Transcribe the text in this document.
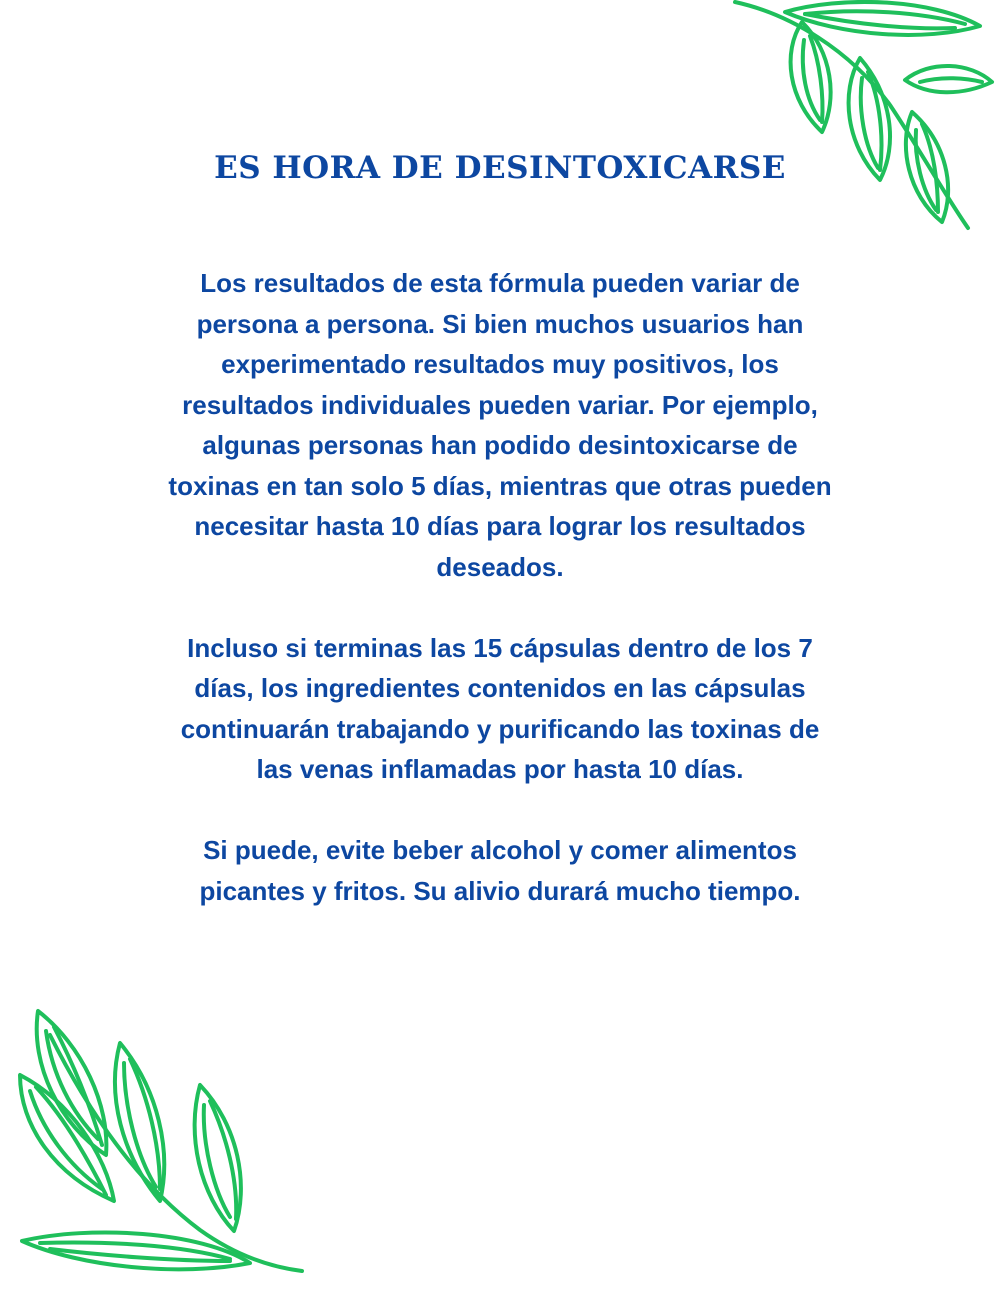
ES HORA DE DESINTOXICARSE

Los resultados de esta fórmula pueden variar de persona a persona. Si bien muchos usuarios han experimentado resultados muy positivos, los resultados individuales pueden variar. Por ejemplo, algunas personas han podido desintoxicarse de toxinas en tan solo 5 días, mientras que otras pueden necesitar hasta 10 días para lograr los resultados deseados.

Incluso si terminas las 15 cápsulas dentro de los 7 días, los ingredientes contenidos en las cápsulas continuarán trabajando y purificando las toxinas de las venas inflamadas por hasta 10 días.

Si puede, evite beber alcohol y comer alimentos picantes y fritos. Su alivio durará mucho tiempo.
